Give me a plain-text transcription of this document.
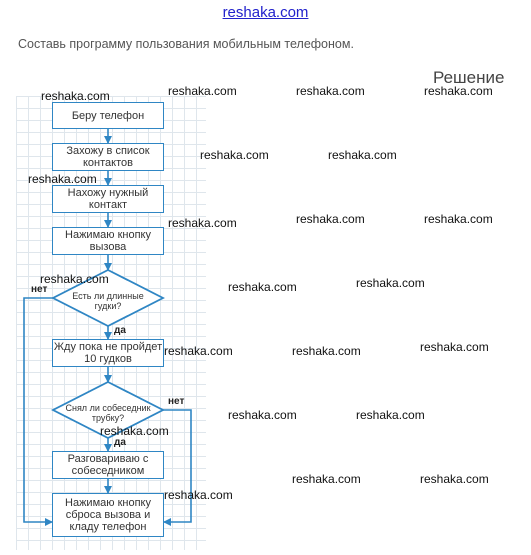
reshaka.com
Составь программу пользования мобильным телефоном.
Решение
Беру телефон
Захожу в список контактов
Нахожу нужный контакт
Нажимаю кнопку вызова
Есть ли длинные гудки?
Жду пока не пройдет 10 гудков
Снял ли собеседник трубку?
Разговариваю с собеседником
Нажимаю кнопку сброса вызова и кладу телефон
нет
да
нет
да
reshaka.com	reshaka.com	reshaka.com	reshaka.com
reshaka.com	reshaka.com
reshaka.com
reshaka.com	reshaka.com	reshaka.com
reshaka.com
reshaka.com	reshaka.com
reshaka.com	reshaka.com	reshaka.com
reshaka.com	reshaka.com
reshaka.com
reshaka.com	reshaka.com
reshaka.com
